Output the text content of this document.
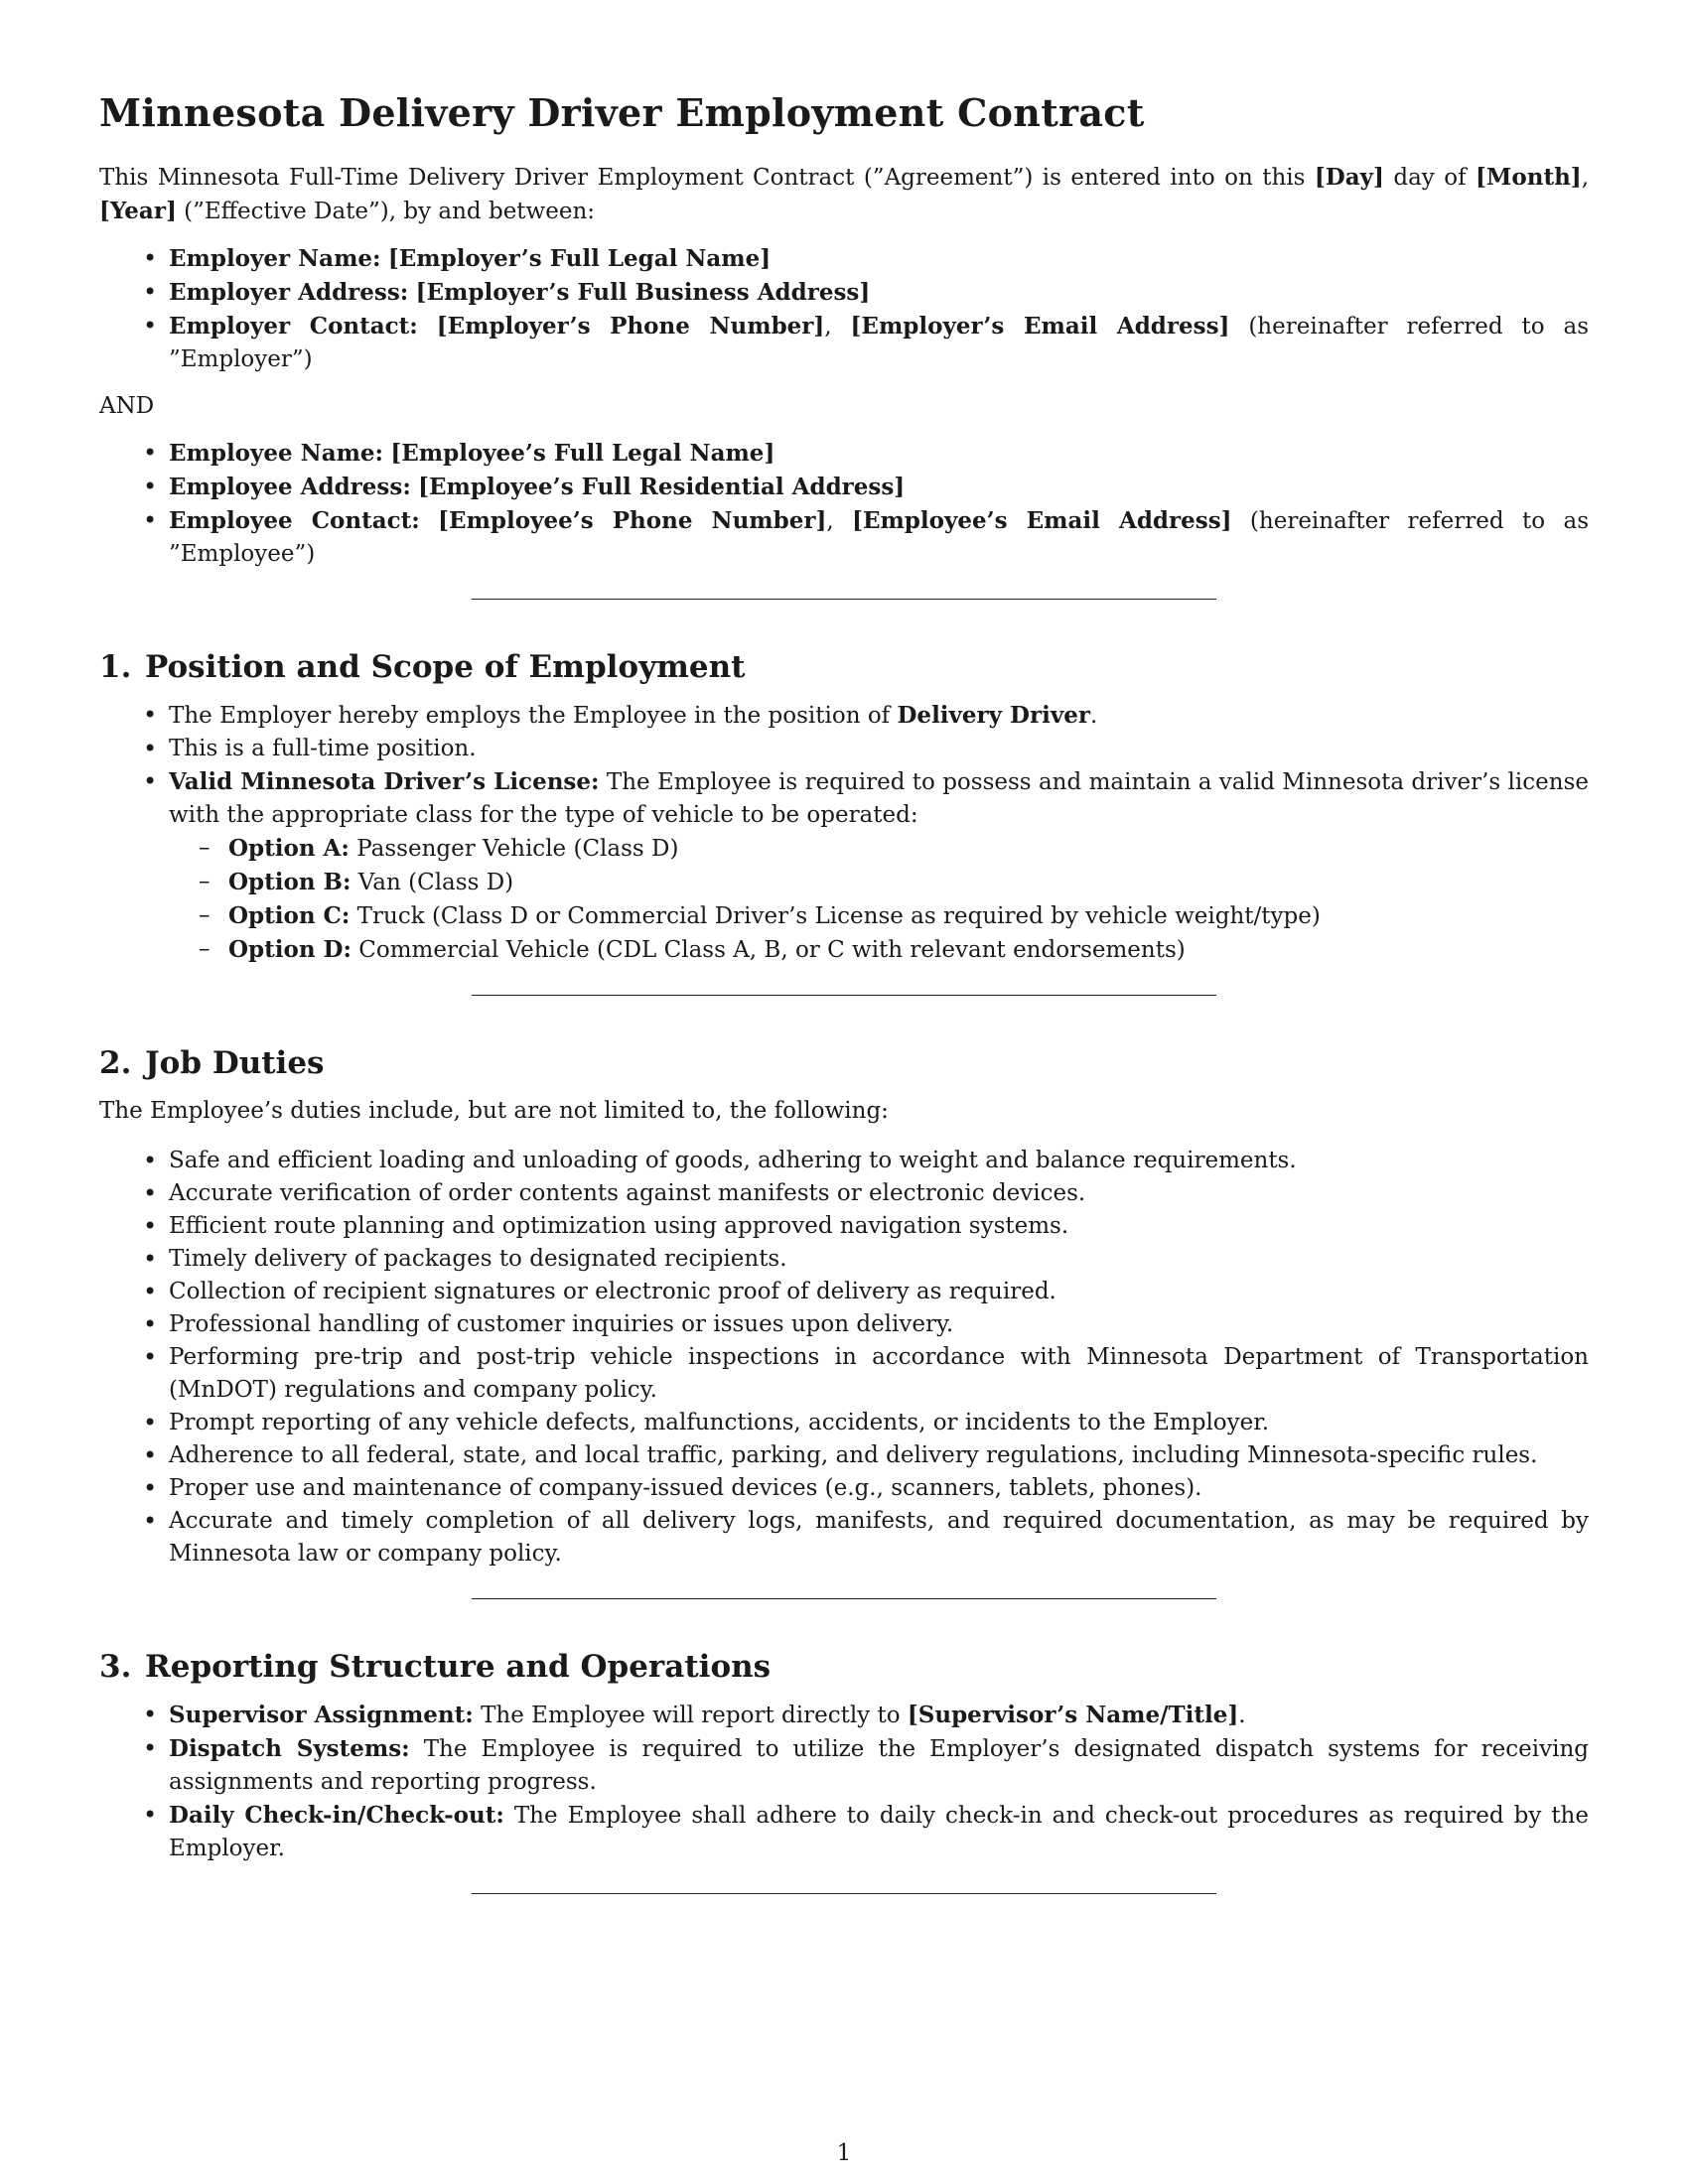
Minnesota Delivery Driver Employment Contract

This Minnesota Full-Time Delivery Driver Employment Contract (”Agreement”) is entered into on this [Day] day of [Month], [Year] (”Effective Date”), by and between:

• Employer Name: [Employer’s Full Legal Name]
• Employer Address: [Employer’s Full Business Address]
• Employer Contact: [Employer’s Phone Number], [Employer’s Email Address] (hereinafter referred to as ”Employer”)

AND

• Employee Name: [Employee’s Full Legal Name]
• Employee Address: [Employee’s Full Residential Address]
• Employee Contact: [Employee’s Phone Number], [Employee’s Email Address] (hereinafter referred to as ”Employee”)
1. Position and Scope of Employment
• The Employer hereby employs the Employee in the position of Delivery Driver.
• This is a full-time position.
• Valid Minnesota Driver’s License: The Employee is required to possess and maintain a valid Minnesota driver’s license with the appropriate class for the type of vehicle to be operated:
– Option A: Passenger Vehicle (Class D)
– Option B: Van (Class D)
– Option C: Truck (Class D or Commercial Driver’s License as required by vehicle weight/type)
– Option D: Commercial Vehicle (CDL Class A, B, or C with relevant endorsements)
2. Job Duties

The Employee’s duties include, but are not limited to, the following:

• Safe and efficient loading and unloading of goods, adhering to weight and balance requirements.
• Accurate verification of order contents against manifests or electronic devices.
• Efficient route planning and optimization using approved navigation systems.
• Timely delivery of packages to designated recipients.
• Collection of recipient signatures or electronic proof of delivery as required.
• Professional handling of customer inquiries or issues upon delivery.
• Performing pre-trip and post-trip vehicle inspections in accordance with Minnesota Department of Transportation (MnDOT) regulations and company policy.
• Prompt reporting of any vehicle defects, malfunctions, accidents, or incidents to the Employer.
• Adherence to all federal, state, and local traffic, parking, and delivery regulations, including Minnesota-specific rules.
• Proper use and maintenance of company-issued devices (e.g., scanners, tablets, phones).
• Accurate and timely completion of all delivery logs, manifests, and required documentation, as may be required by Minnesota law or company policy.
3. Reporting Structure and Operations
• Supervisor Assignment: The Employee will report directly to [Supervisor’s Name/Title].
• Dispatch Systems: The Employee is required to utilize the Employer’s designated dispatch systems for receiving assignments and reporting progress.
• Daily Check-in/Check-out: The Employee shall adhere to daily check-in and check-out procedures as required by the Employer.
1
